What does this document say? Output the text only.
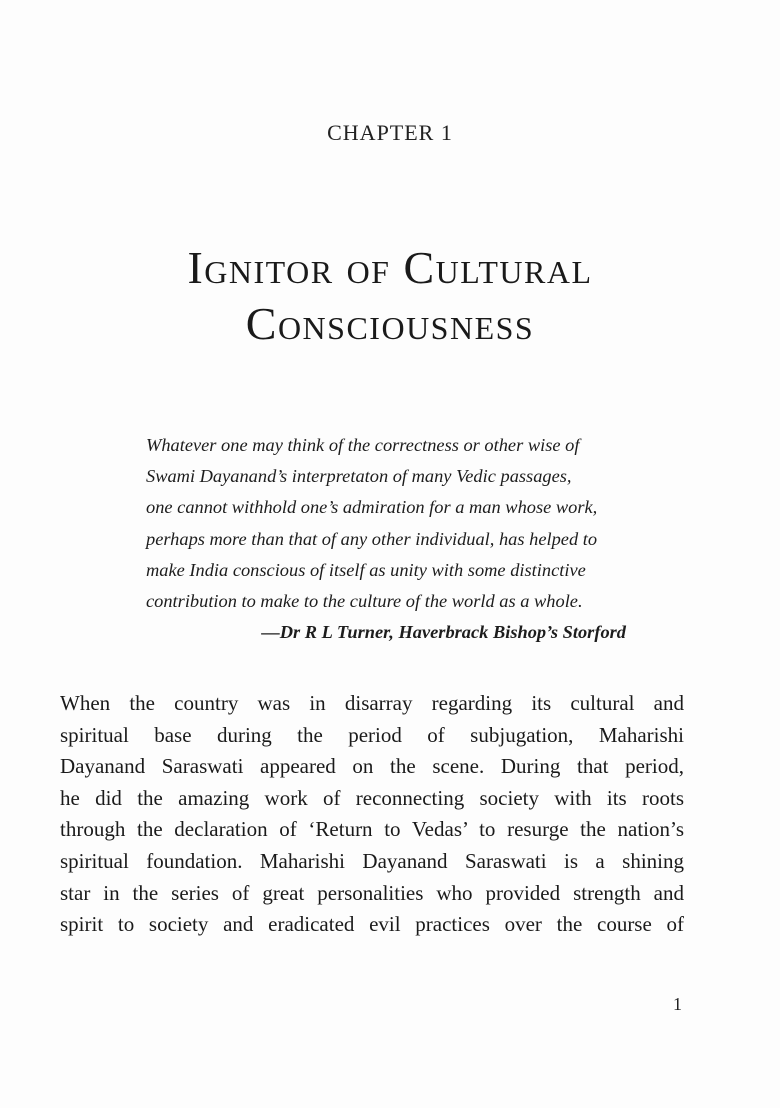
CHAPTER 1
Ignitor of Cultural
Consciousness
Whatever one may think of the correctness or other wise of
Swami Dayanand’s interpretaton of many Vedic passages,
one cannot withhold one’s admiration for a man whose work,
perhaps more than that of any other individual, has helped to
make India conscious of itself as unity with some distinctive
contribution to make to the culture of the world as a whole.
—Dr R L Turner, Haverbrack Bishop’s Storford
When the country was in disarray regarding its cultural and
spiritual base during the period of subjugation, Maharishi
Dayanand Saraswati appeared on the scene. During that period,
he did the amazing work of reconnecting society with its roots
through the declaration of ‘Return to Vedas’ to resurge the nation’s
spiritual foundation. Maharishi Dayanand Saraswati is a shining
star in the series of great personalities who provided strength and
spirit to society and eradicated evil practices over the course of
1
